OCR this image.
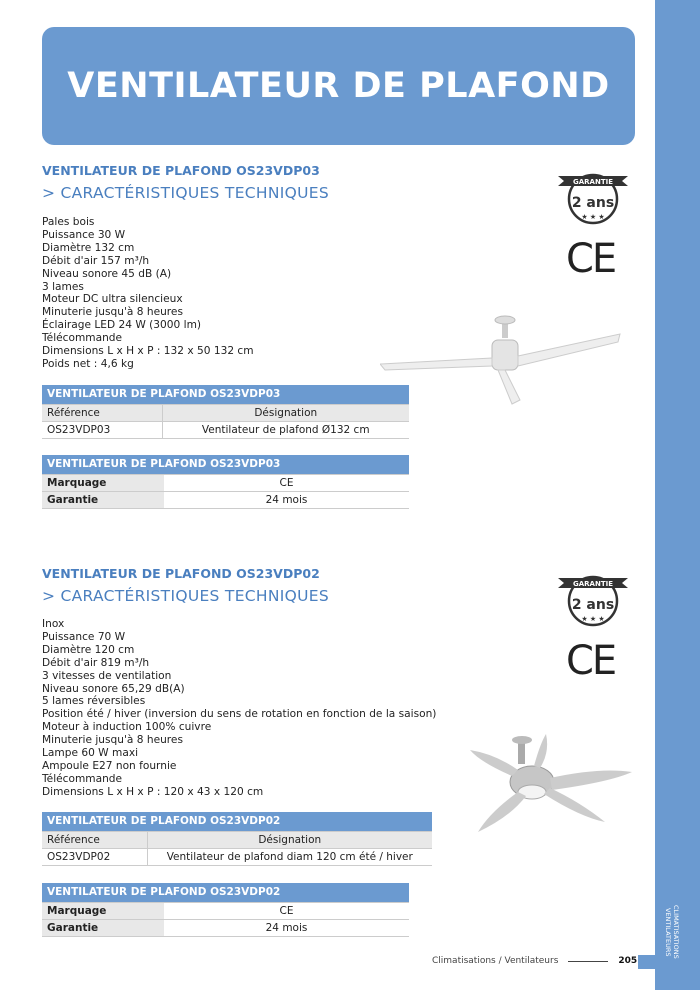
CLIMATISATIONS
VENTILATEURS
VENTILATEUR DE PLAFOND
VENTILATEUR DE PLAFOND OS23VDP03
> CARACTÉRISTIQUES TECHNIQUES
Pales bois
Puissance 30 W
Diamètre 132 cm
Débit d'air 157 m³/h
Niveau sonore 45 dB (A)
3 lames
Moteur DC ultra silencieux
Minuterie jusqu'à 8 heures
Éclairage LED 24 W (3000 lm)
Télécommande
Dimensions L x H x P : 132 x 50 132 cm
Poids net : 4,6 kg
GARANTIE
2 ans
★ ★ ★
CE
VENTILATEUR DE PLAFOND OS23VDP03	
Référence	Désignation
OS23VDP03	Ventilateur de plafond Ø132 cm
VENTILATEUR DE PLAFOND OS23VDP03	
Marquage	CE
Garantie	24 mois
VENTILATEUR DE PLAFOND OS23VDP02
> CARACTÉRISTIQUES TECHNIQUES
Inox
Puissance 70 W
Diamètre 120 cm
Débit d'air 819 m³/h
3 vitesses de ventilation
Niveau sonore 65,29 dB(A)
5 lames réversibles
Position été / hiver (inversion du sens de rotation en fonction de la saison)
Moteur à induction 100% cuivre
Minuterie jusqu'à 8 heures
Lampe 60 W maxi
Ampoule E27 non fournie
Télécommande
Dimensions L x H x P : 120 x 43 x 120 cm
GARANTIE
2 ans
★ ★ ★
CE
VENTILATEUR DE PLAFOND OS23VDP02	
Référence	Désignation
OS23VDP02	Ventilateur de plafond diam 120 cm été / hiver
VENTILATEUR DE PLAFOND OS23VDP02	
Marquage	CE
Garantie	24 mois
Climatisations / Ventilateurs	205
